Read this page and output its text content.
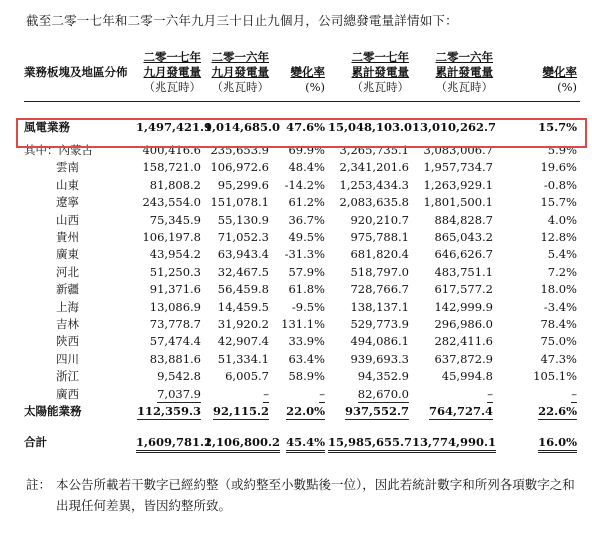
截至二零一七年和二零一六年九月三十日止九個月，公司總發電量詳情如下：
業務板塊及地區分佈	二零一七年
九月發電量
（兆瓦時）	二零一六年
九月發電量
（兆瓦時）	變化率
(%)	二零一七年
累計發電量
（兆瓦時）	二零一六年
累計發電量
（兆瓦時）	變化率
(%)

風電業務	1,497,421.9	1,014,685.0	47.6%	15,048,103.0	13,010,262.7	15.7%

其中：內蒙古	400,416.6	235,653.9	69.9%	3,265,735.1	3,083,006.7	5.9%
雲南	158,721.0	106,972.6	48.4%	2,341,201.6	1,957,734.7	19.6%
山東	81,808.2	95,299.6	-14.2%	1,253,434.3	1,263,929.1	-0.8%
遼寧	243,554.0	151,078.1	61.2%	2,083,635.8	1,801,500.1	15.7%
山西	75,345.9	55,130.9	36.7%	920,210.7	884,828.7	4.0%
貴州	106,197.8	71,052.3	49.5%	975,788.1	865,043.2	12.8%
廣東	43,954.2	63,943.4	-31.3%	681,820.4	646,626.7	5.4%
河北	51,250.3	32,467.5	57.9%	518,797.0	483,751.1	7.2%
新疆	91,371.6	56,459.8	61.8%	728,766.7	617,577.2	18.0%
上海	13,086.9	14,459.5	-9.5%	138,137.1	142,999.9	-3.4%
吉林	73,778.7	31,920.2	131.1%	529,773.9	296,986.0	78.4%
陝西	57,474.4	42,907.4	33.9%	494,086.1	282,411.6	75.0%
四川	83,881.6	51,334.1	63.4%	939,693.3	637,872.9	47.3%
浙江	9,542.8	6,005.7	58.9%	94,352.9	45,994.8	105.1%
廣西	7,037.9	–	–	82,670.0	–	–
太陽能業務	112,359.3	92,115.2	22.0%	937,552.7	764,727.4	22.6%

合計	1,609,781.2	1,106,800.2	45.4%	15,985,655.7	13,774,990.1	16.0%
註： 本公告所載若干數字已經約整（或約整至小數點後一位），因此若統計數字和所列各項數字之和出現任何差異，皆因約整所致。
